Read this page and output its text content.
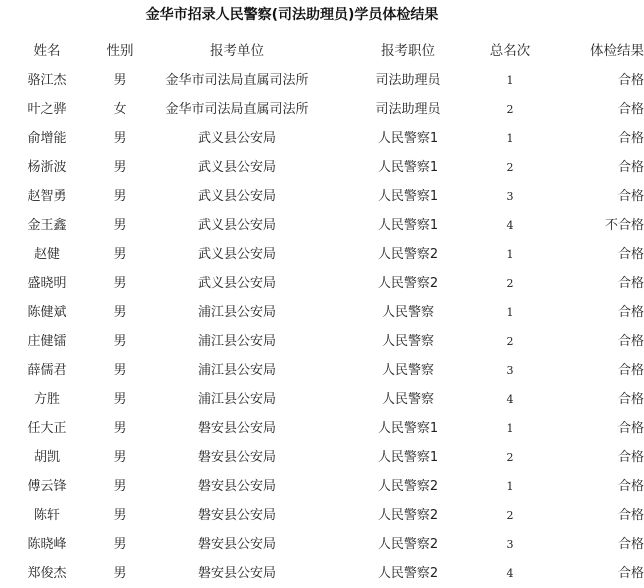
金华市招录人民警察(司法助理员)学员体检结果
姓名	性别	报考单位	报考职位	总名次	体检结果
骆江杰	男	金华市司法局直属司法所	司法助理员	1	合格
叶之骅	女	金华市司法局直属司法所	司法助理员	2	合格
俞增能	男	武义县公安局	人民警察1	1	合格
杨浙波	男	武义县公安局	人民警察1	2	合格
赵智勇	男	武义县公安局	人民警察1	3	合格
金王鑫	男	武义县公安局	人民警察1	4	不合格
赵健	男	武义县公安局	人民警察2	1	合格
盛晓明	男	武义县公安局	人民警察2	2	合格
陈健斌	男	浦江县公安局	人民警察	1	合格
庄健镭	男	浦江县公安局	人民警察	2	合格
薛儒君	男	浦江县公安局	人民警察	3	合格
方胜	男	浦江县公安局	人民警察	4	合格
任大正	男	磐安县公安局	人民警察1	1	合格
胡凯	男	磐安县公安局	人民警察1	2	合格
傅云锋	男	磐安县公安局	人民警察2	1	合格
陈轩	男	磐安县公安局	人民警察2	2	合格
陈晓峰	男	磐安县公安局	人民警察2	3	合格
郑俊杰	男	磐安县公安局	人民警察2	4	合格
